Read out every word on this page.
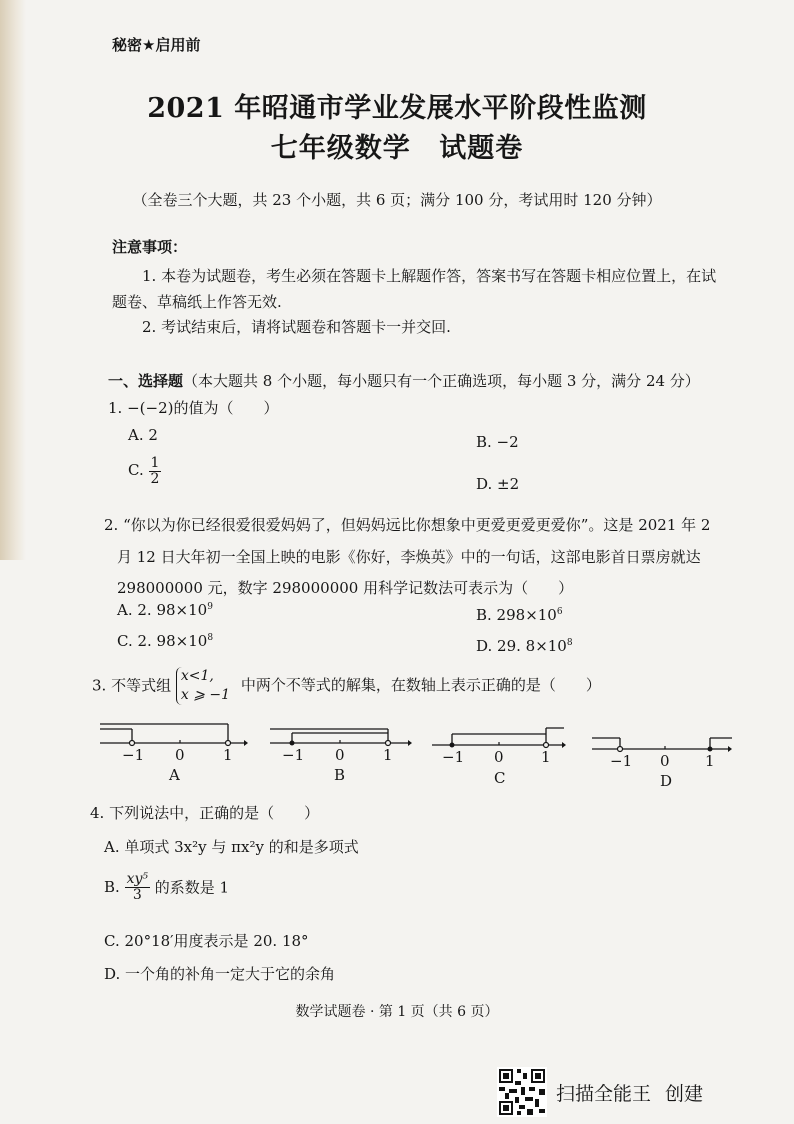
秘密★启用前
2021 年昭通市学业发展水平阶段性监测
七年级数学 试题卷
（全卷三个大题，共 23 个小题，共 6 页；满分 100 分，考试用时 120 分钟）
注意事项：
1. 本卷为试题卷，考生必须在答题卡上解题作答，答案书写在答题卡相应位置上，在试
题卷、草稿纸上作答无效.
2. 考试结束后，请将试题卷和答题卡一并交回.
一、选择题（本大题共 8 个小题，每小题只有一个正确选项，每小题 3 分，满分 24 分）
1. −(−2)的值为（　　）
A. 2	B. −2
C. $\frac{1}{2}$	D. ±2
2. “你以为你已经很爱很爱妈妈了，但妈妈远比你想象中更爱更爱更爱你”。这是 2021 年 2
月 12 日大年初一全国上映的电影《你好，李焕英》中的一句话，这部电影首日票房就达
298000000 元，数字 298000000 用科学记数法可表示为（　　）
A. 2. $98\times 10^9$	B. $298\times 10^6$
C. 2. $98\times 10^8$	D. 29. $8\times 10^8$
3. 不等式组
x<1,
x ⩾ −1
中两个不等式的解集，在数轴上表示正确的是（　　）
−1 0	1
A
−1 0	1
B
−1 0 1
C
−1 0 1
D
4. 下列说法中，正确的是（　　）
A. 单项式 3x²y 与 πx²y 的和是多项式
B. $\frac{\text{xy⁵}}{3}$ 的系数是 1
C. 20°18′用度表示是 20. 18°
D. 一个角的补角一定大于它的余角
数学试题卷 · 第 1 页（共 6 页）
扫描全能王 创建
